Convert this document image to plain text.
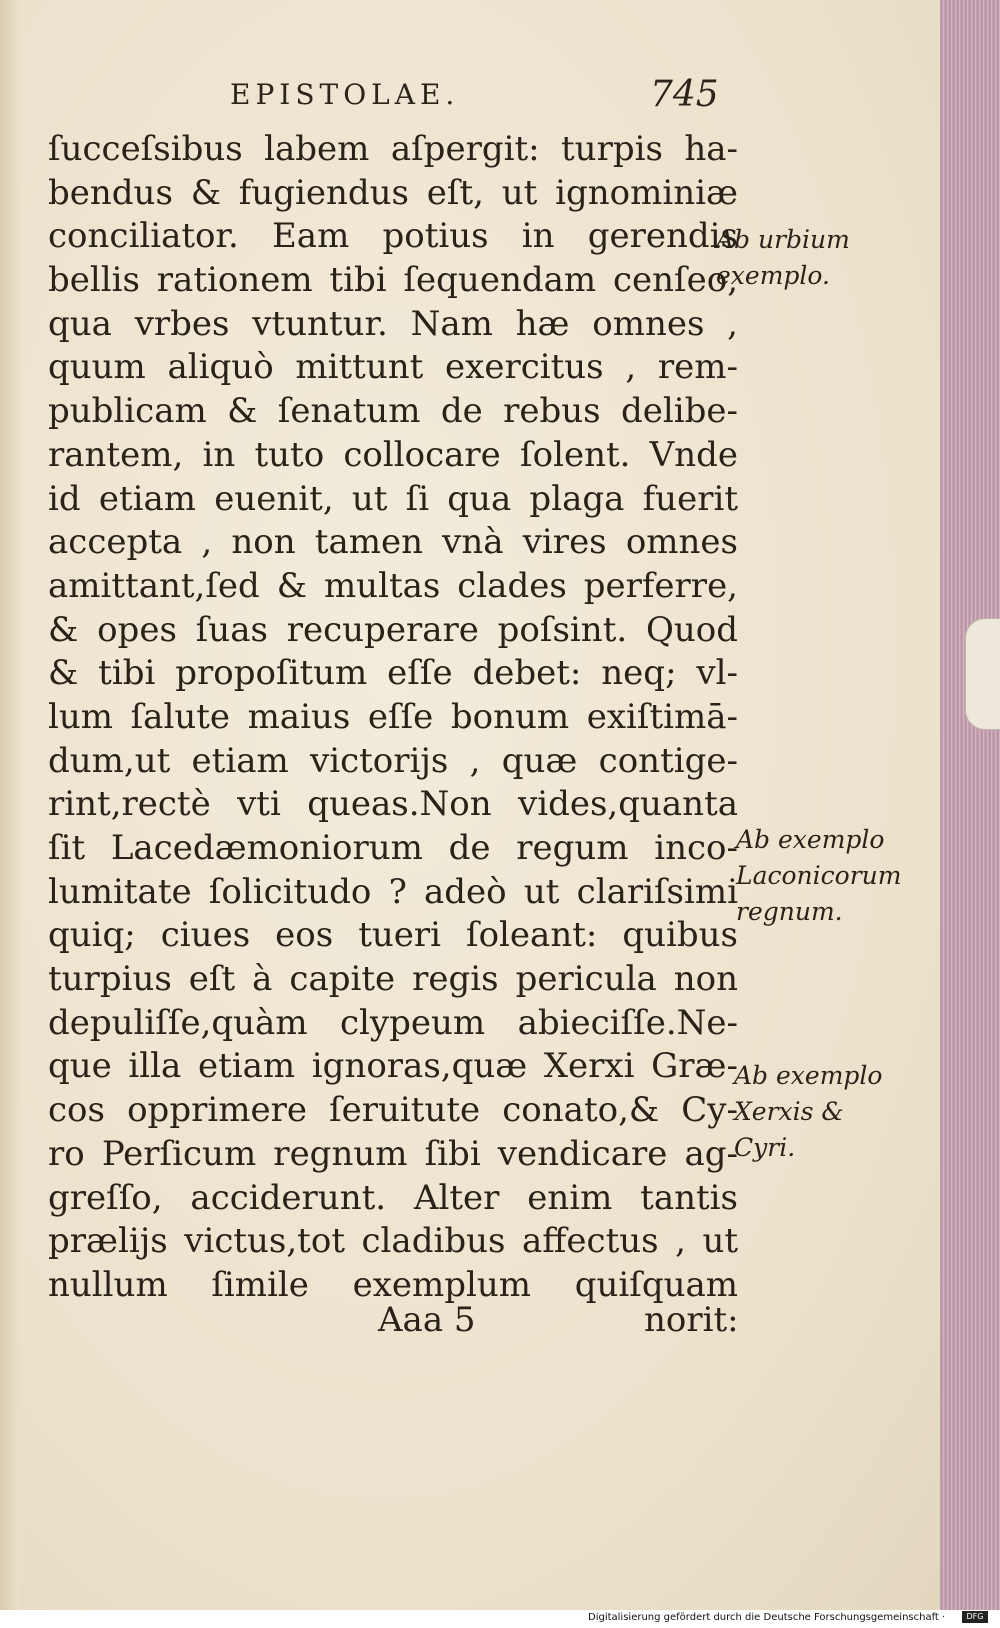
EPISTOLAE.	745
ſucceſsibus labem aſpergit: turpis ha-
bendus & fugiendus eſt, ut ignominiæ
conciliator. Eam potius in gerendis
bellis rationem tibi ſequendam cenſeo,
qua vrbes vtuntur. Nam hæ omnes ,
quum aliquò mittunt exercitus , rem-
publicam & ſenatum de rebus delibe-
rantem, in tuto collocare ſolent. Vnde
id etiam euenit, ut ſi qua plaga fuerit
accepta , non tamen vnà vires omnes
amittant,ſed & multas clades perferre,
& opes ſuas recuperare poſsint. Quod
& tibi propoſitum eſſe debet: neq; vl-
lum ſalute maius eſſe bonum exiſtimā-
dum,ut etiam victorijs , quæ contige-
rint,rectè vti queas.Non vides,quanta
ſit Lacedæmoniorum de regum inco-
lumitate ſolicitudo ? adeò ut clariſsimi
quiq; ciues eos tueri ſoleant: quibus
turpius eſt à capite regis pericula non
depuliſſe,quàm clypeum abieciſſe.Ne-
que illa etiam ignoras,quæ Xerxi Græ-
cos opprimere ſeruitute conato,& Cy-
ro Perſicum regnum ſibi vendicare ag-
greſſo, acciderunt. Alter enim tantis
prælijs victus,tot cladibus affectus , ut
nullum ſimile exemplum quiſquam
Ab urbium
exemplo.
Ab exemplo
Laconicorum
regnum.
Ab exemplo
Xerxis &
Cyri.
Aaa 5	norit:
Digitalisierung gefördert durch die Deutsche Forschungsgemeinschaft ·	DFG
